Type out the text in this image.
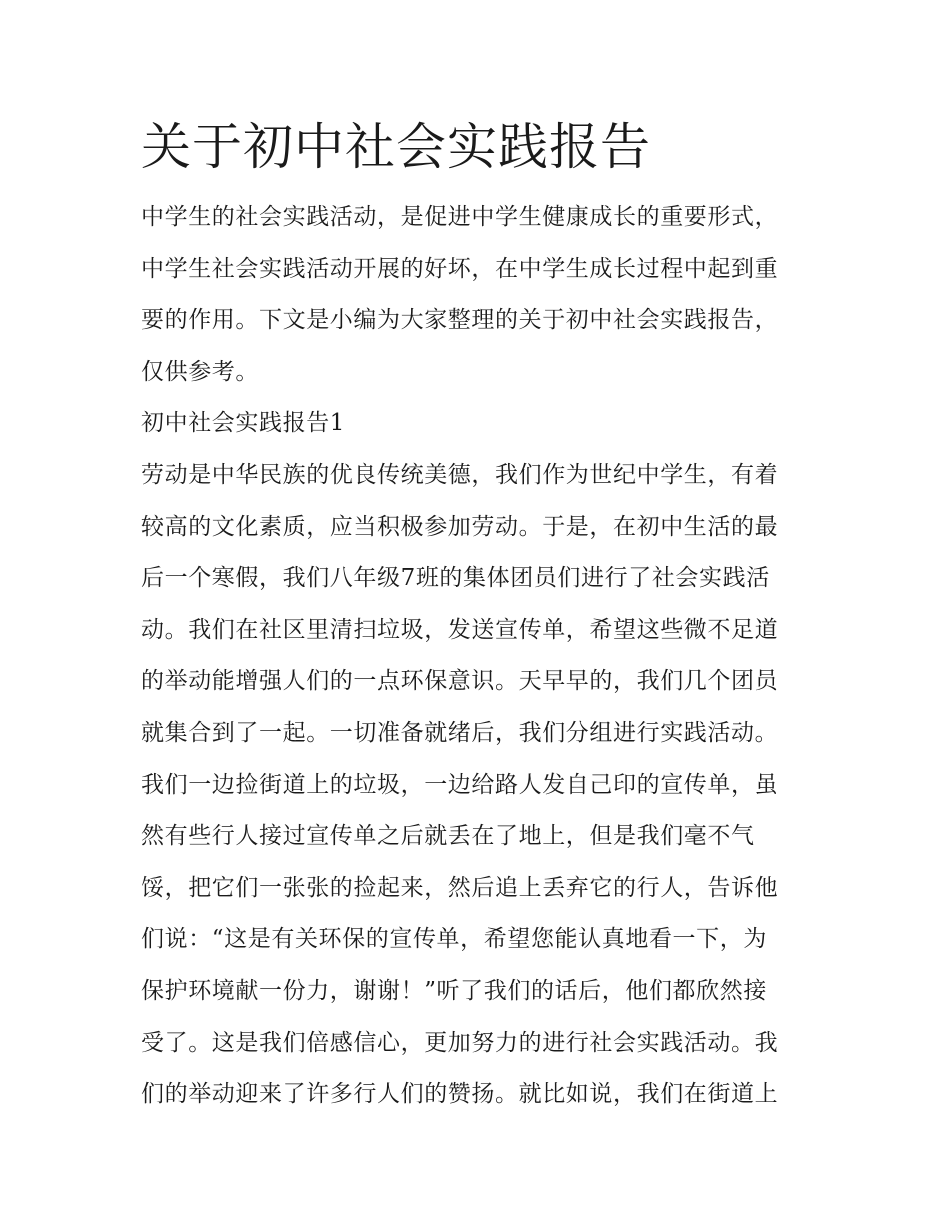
关于初中社会实践报告
中学生的社会实践活动，是促进中学生健康成长的重要形式，
中学生社会实践活动开展的好坏，在中学生成长过程中起到重
要的作用。下文是小编为大家整理的关于初中社会实践报告，
仅供参考。
初中社会实践报告1
劳动是中华民族的优良传统美德，我们作为世纪中学生，有着
较高的文化素质，应当积极参加劳动。于是，在初中生活的最
后一个寒假，我们八年级7班的集体团员们进行了社会实践活
动。我们在社区里清扫垃圾，发送宣传单，希望这些微不足道
的举动能增强人们的一点环保意识。天早早的，我们几个团员
就集合到了一起。一切准备就绪后，我们分组进行实践活动。
我们一边捡街道上的垃圾，一边给路人发自己印的宣传单，虽
然有些行人接过宣传单之后就丢在了地上，但是我们毫不气
馁，把它们一张张的捡起来，然后追上丢弃它的行人，告诉他
们说：“这是有关环保的宣传单，希望您能认真地看一下，为
保护环境献一份力，谢谢！”听了我们的话后，他们都欣然接
受了。这是我们倍感信心，更加努力的进行社会实践活动。我
们的举动迎来了许多行人们的赞扬。就比如说，我们在街道上
